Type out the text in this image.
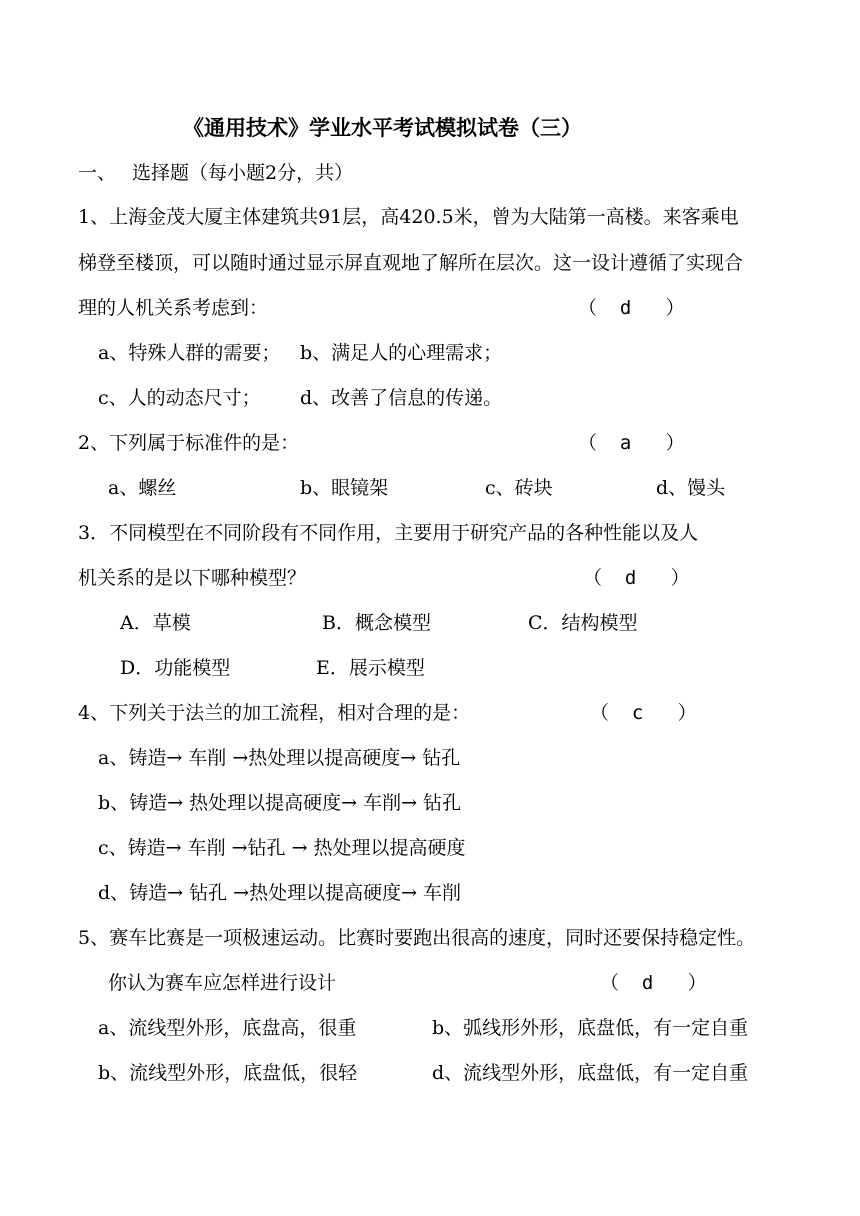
《通用技术》学业水平考试模拟试卷（三）
一、 选择题（每小题2分，共）
1、上海金茂大厦主体建筑共91层，高420.5米，曾为大陆第一高楼。来客乘电
梯登至楼顶，可以随时通过显示屏直观地了解所在层次。这一设计遵循了实现合
理的人机关系考虑到：	（  d   ）
a、特殊人群的需要； b、满足人的心理需求；
c、人的动态尺寸； d、改善了信息的传递。
2、下列属于标准件的是：	（  a   ）
a、螺丝	b、眼镜架	c、砖块	d、馒头
3．不同模型在不同阶段有不同作用，主要用于研究产品的各种性能以及人
机关系的是以下哪种模型？	（  d   ）
A．草模	B．概念模型	C．结构模型
D．功能模型	E．展示模型
4、下列关于法兰的加工流程，相对合理的是：	（  c   ）
a、铸造→ 车削 →热处理以提高硬度→ 钻孔
b、铸造→ 热处理以提高硬度→ 车削→ 钻孔
c、铸造→ 车削 →钻孔 → 热处理以提高硬度
d、铸造→ 钻孔 →热处理以提高硬度→ 车削
5、赛车比赛是一项极速运动。比赛时要跑出很高的速度，同时还要保持稳定性。
你认为赛车应怎样进行设计	（  d   ）
a、流线型外形，底盘高，很重	b、弧线形外形，底盘低，有一定自重
b、流线型外形，底盘低，很轻	d、流线型外形，底盘低，有一定自重
